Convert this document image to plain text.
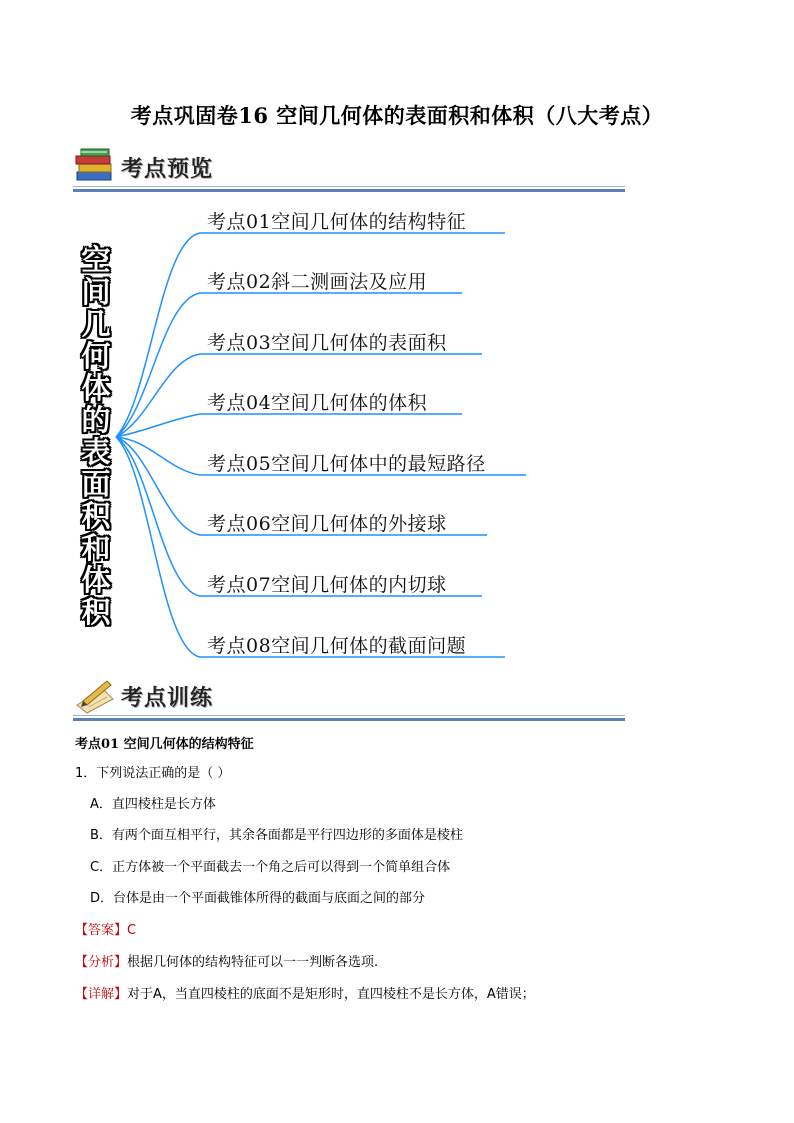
考点巩固卷16 空间几何体的表面积和体积（八大考点）
考点预览
空
间
几
何
体
的
表
面
积
和
体
积
考点01空间几何体的结构特征
考点02斜二测画法及应用
考点03空间几何体的表面积
考点04空间几何体的体积
考点05空间几何体中的最短路径
考点06空间几何体的外接球
考点07空间几何体的内切球
考点08空间几何体的截面问题
考点训练
考点01 空间几何体的结构特征
1．下列说法正确的是（ ）
A．直四棱柱是长方体
B．有两个面互相平行，其余各面都是平行四边形的多面体是棱柱
C．正方体被一个平面截去一个角之后可以得到一个简单组合体
D．台体是由一个平面截锥体所得的截面与底面之间的部分
【答案】C
【分析】根据几何体的结构特征可以一一判断各选项.
【详解】对于A，当直四棱柱的底面不是矩形时，直四棱柱不是长方体，A错误；
